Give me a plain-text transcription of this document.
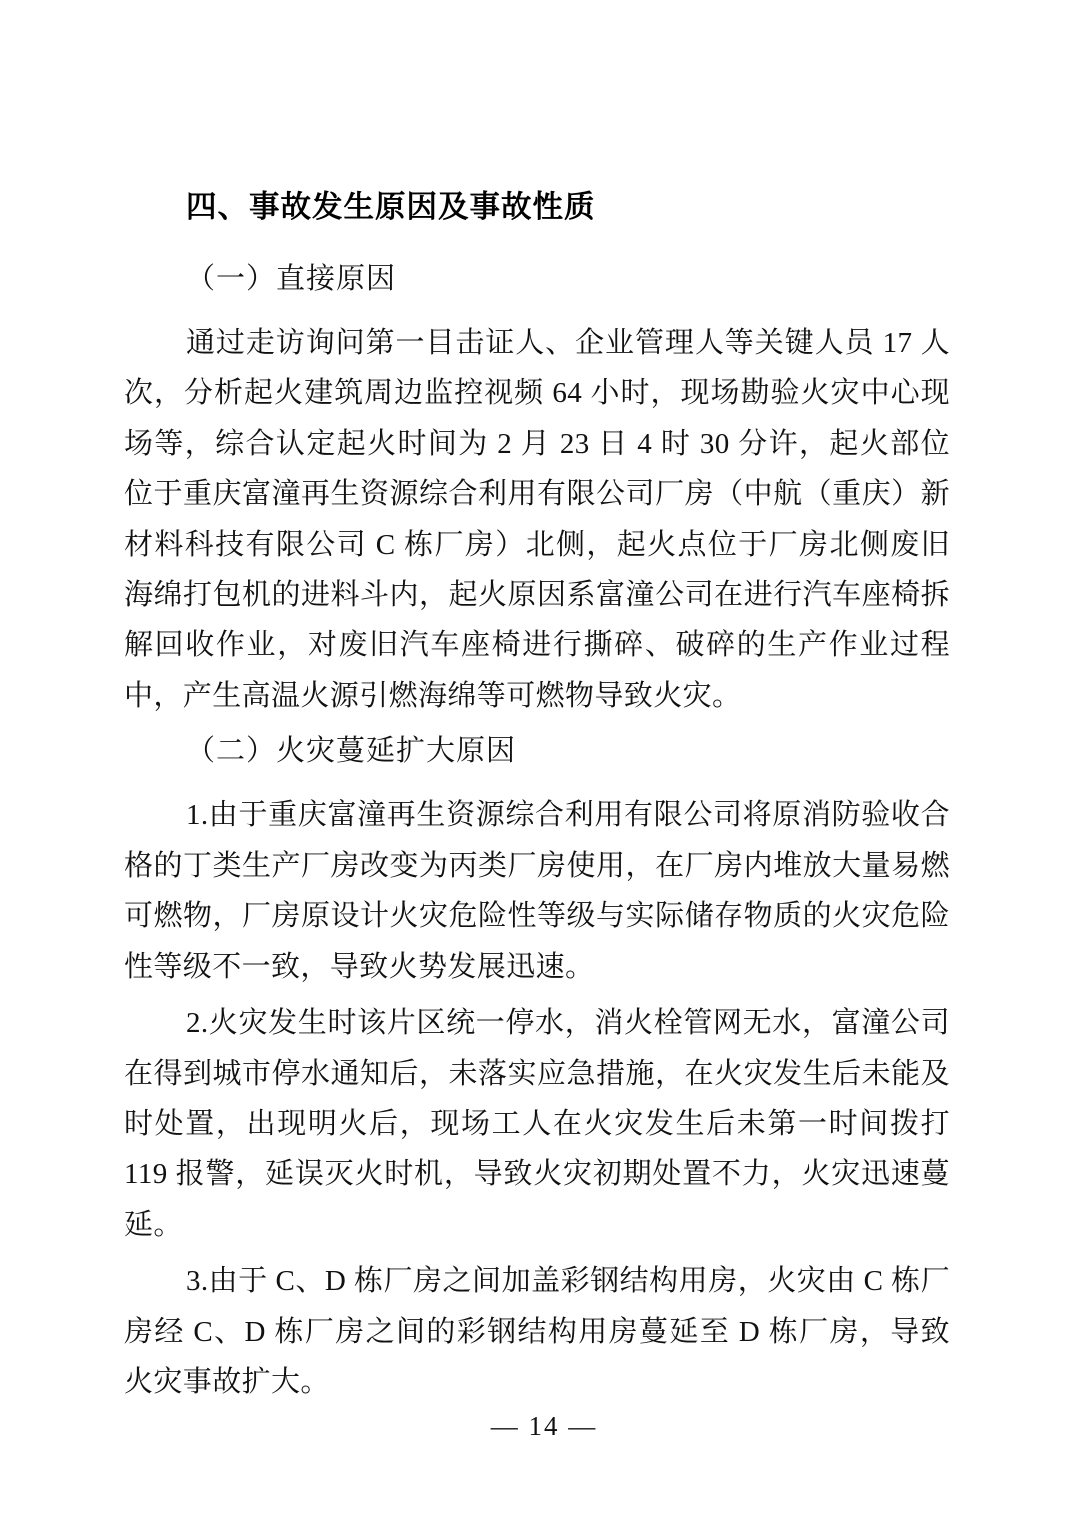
四、事故发生原因及事故性质
（一）直接原因

通过走访询问第一目击证人、企业管理人等关键人员 17 人次，分析起火建筑周边监控视频 64 小时，现场勘验火灾中心现场等，综合认定起火时间为 2 月 23 日 4 时 30 分许，起火部位位于重庆富潼再生资源综合利用有限公司厂房（中航（重庆）新材料科技有限公司 C 栋厂房）北侧，起火点位于厂房北侧废旧海绵打包机的进料斗内，起火原因系富潼公司在进行汽车座椅拆解回收作业，对废旧汽车座椅进行撕碎、破碎的生产作业过程中，产生高温火源引燃海绵等可燃物导致火灾。

（二）火灾蔓延扩大原因

1.由于重庆富潼再生资源综合利用有限公司将原消防验收合格的丁类生产厂房改变为丙类厂房使用，在厂房内堆放大量易燃可燃物，厂房原设计火灾危险性等级与实际储存物质的火灾危险性等级不一致，导致火势发展迅速。

2.火灾发生时该片区统一停水，消火栓管网无水，富潼公司在得到城市停水通知后，未落实应急措施，在火灾发生后未能及时处置，出现明火后，现场工人在火灾发生后未第一时间拨打 119 报警，延误灭火时机，导致火灾初期处置不力，火灾迅速蔓延。

3.由于 C、D 栋厂房之间加盖彩钢结构用房，火灾由 C 栋厂房经 C、D 栋厂房之间的彩钢结构用房蔓延至 D 栋厂房，导致火灾事故扩大。

— 14 —
